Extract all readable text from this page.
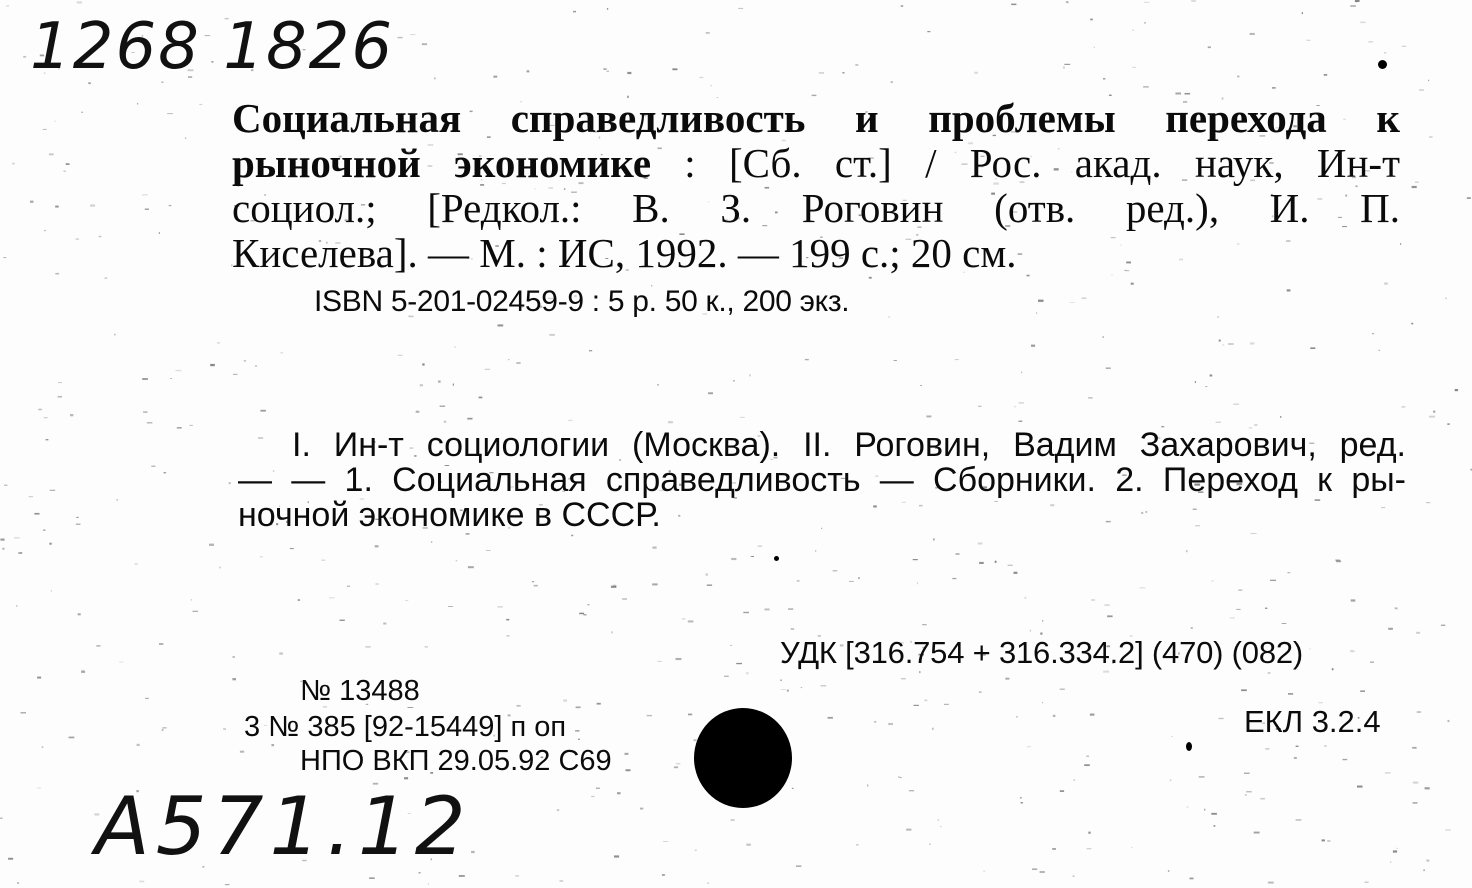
1268 1826
Социальная справедливость и проблемы перехода к
рыночной экономике : [Сб. ст.] / Рос. акад. наук, Ин-т
социол.; [Редкол.: В. З. Роговин (отв. ред.), И. П.
Киселева]. — М. : ИС, 1992. — 199 с.; 20 см.
ISBN 5-201-02459-9 : 5 р. 50 к., 200 экз.
I. Ин-т социологии (Москва). II. Роговин, Вадим Захарович, ред.
— — 1. Социальная справедливость — Сборники. 2. Переход к ры-
ночной экономике в СССР.
УДК [316.754 + 316.334.2] (470) (082)
№ 13488
3 № 385 [92-15449] п оп	ЕКЛ 3.2.4
НПО ВКП 29.05.92 С69
A571.12
